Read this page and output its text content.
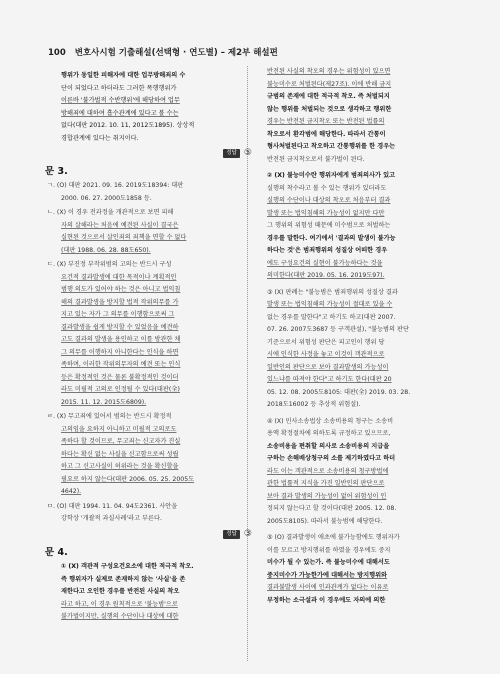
100 변호사시험 기출해설(선택형 · 연도별) – 제2부 해설편
행위가 동일한 피해자에 대한 업무방해죄의 수
단이 되었다고 하더라도 그러한 폭행행위가
이른바 '불가벌적 수반행위'에 해당하여 업무
방해죄에 대하여 흡수관계에 있다고 볼 수는
없다(대판 2012. 10. 11, 2012도1895). 상상적
경합관계에 있다는 취지이다.
정답 ⑤
문 3.
ㄱ. (O) 대판 2021. 09. 16. 2019도18394: 대판
2000. 06. 27. 2000도1858 등.
ㄴ. (X) 이 경우 전과정을 개관적으로 보면 피해
자의 살해라는 처음에 예견된 사실이 결국은
실현된 것으로서 살인죄의 죄책을 면할 수 없다
(대판 1988. 06. 28. 88도650).
ㄷ. (X) 부진정 부작위범의 고의는 반드시 구성
요건적 결과발생에 대한 목적이나 계획적인
범행 의도가 있어야 하는 것은 아니고 법익침
해의 결과발생을 방지할 법적 작위의무를 가
지고 있는 자가 그 의무를 이행함으로써 그
결과발생을 쉽게 방지할 수 있었음을 예견하
고도 결과의 발생을 용인하고 이를 방관한 채
그 의무를 이행하지 아니한다는 인식을 하면
족하며, 이러한 작위의무자의 예견 또는 인식
등은 확정적인 것은 물론 불확정적인 것이더
라도 미필적 고의로 인정될 수 있다(대판(全)
2015. 11. 12. 2015도6809).
ㄹ. (X) 무고죄에 있어서 범의는 반드시 확정적
고의임을 요하지 아니하고 미필적 고의로도
족하다 할 것이므로, 무고죄는 신고자가 진실
하다는 확신 없는 사실을 신고함으로써 성립
하고 그 신고사실이 허위라는 것을 확신할을
필요로 하지 않는다(대판 2006. 05. 25. 2005도
4642).
ㅁ. (O) 대판 1994. 11. 04. 94도2361. 사안을
강학상 '개괄적 과실사례'라고 부른다.
정답 ③
문 4.
① (X) 객관적 구성요건요소에 대한 적극적 착오.
즉 행위자가 실제로 존재하지 않는 '사실'을 존
재한다고 오인한 경우를 반전된 사실의 착오
라고 하고, 이 경우 원칙적으로 '불능범'으로
불가벌이지만, 실행의 수단이나 대상에 대한
반전된 사실의 착오의 경우는 위험성이 있으면
불능미수로 처벌된다(제27조). 이에 반해 금지
규범의 존재에 대한 적극적 착오. 즉 처벌되지
않는 행위를 처벌되는 것으로 생각하고 행위한
경우는 반전된 금지착오 또는 반전된 법률의
착오로서 환각범에 해당한다. 따라서 간통이
형사처벌된다고 착오하고 간통행위를 한 경우는
반전된 금지착오로서 불가벌이 된다.
② (X) 불능미수란 행위자에게 범죄의사가 있고
실행의 착수라고 볼 수 있는 행위가 있더라도
실행의 수단이나 대상의 착오로 처음부터 결과
발생 또는 법익침해의 가능성이 없지만 다만
그 행위의 위험성 때문에 미수범으로 처벌하는
경우를 말한다. 여기에서 '결과의 발생이 불가능
하다는 것'은 범죄행위의 성질상 어떠한 경우
에도 구성요건의 실현이 불가능하다는 것을
의미한다(대판 2019. 05. 16. 2019도97).
③ (X) 판례는 "불능범은 범죄행위의 성질상 결과
발생 또는 법익침해의 가능성이 절대로 있을 수
없는 경우를 말한다"고 하기도 하고(대판 2007.
07. 26. 2007도3687 등 구객관설), "불능범의 판단
기준으로서 위험성 판단은 피고인이 행위 당
시에 인식한 사정을 놓고 이것이 객관적으로
일반인의 판단으로 보아 결과발생의 가능성이
있느냐를 따져야 한다"고 하기도 한다(대판 20
05. 12. 08. 2005도8105: 대판(全) 2019. 03. 28.
2018도16002 등 추상적 위험설).
④ (X) 민사소송법상 소송비용의 청구는 소송비
용액 확정절차에 의하도록 규정하고 있으므로,
소송비용을 편취할 의사로 소송비용의 지급을
구하는 손해배상청구의 소를 제기하였다고 하더
라도 이는 객관적으로 소송비용의 청구방법에
관한 법률적 지식을 가진 일반인의 판단으로
보아 결과 발생의 가능성이 없어 위험성이 인
정되지 않는다고 할 것이다(대판 2005. 12. 08.
2005도8105). 따라서 불능범에 해당한다.
⑤ (O) 결과발생이 애초에 불가능함에도 행위자가
이를 모르고 방지행위를 하였을 경우에도 중지
미수가 될 수 있는가. 즉 불능미수에 대해서도
중지미수가 가능한가에 대해서는 방지행위와
결과불발생 사이에 인과관계가 없다는 이유로
부정하는 소극설과 이 경우에도 자의에 의한
